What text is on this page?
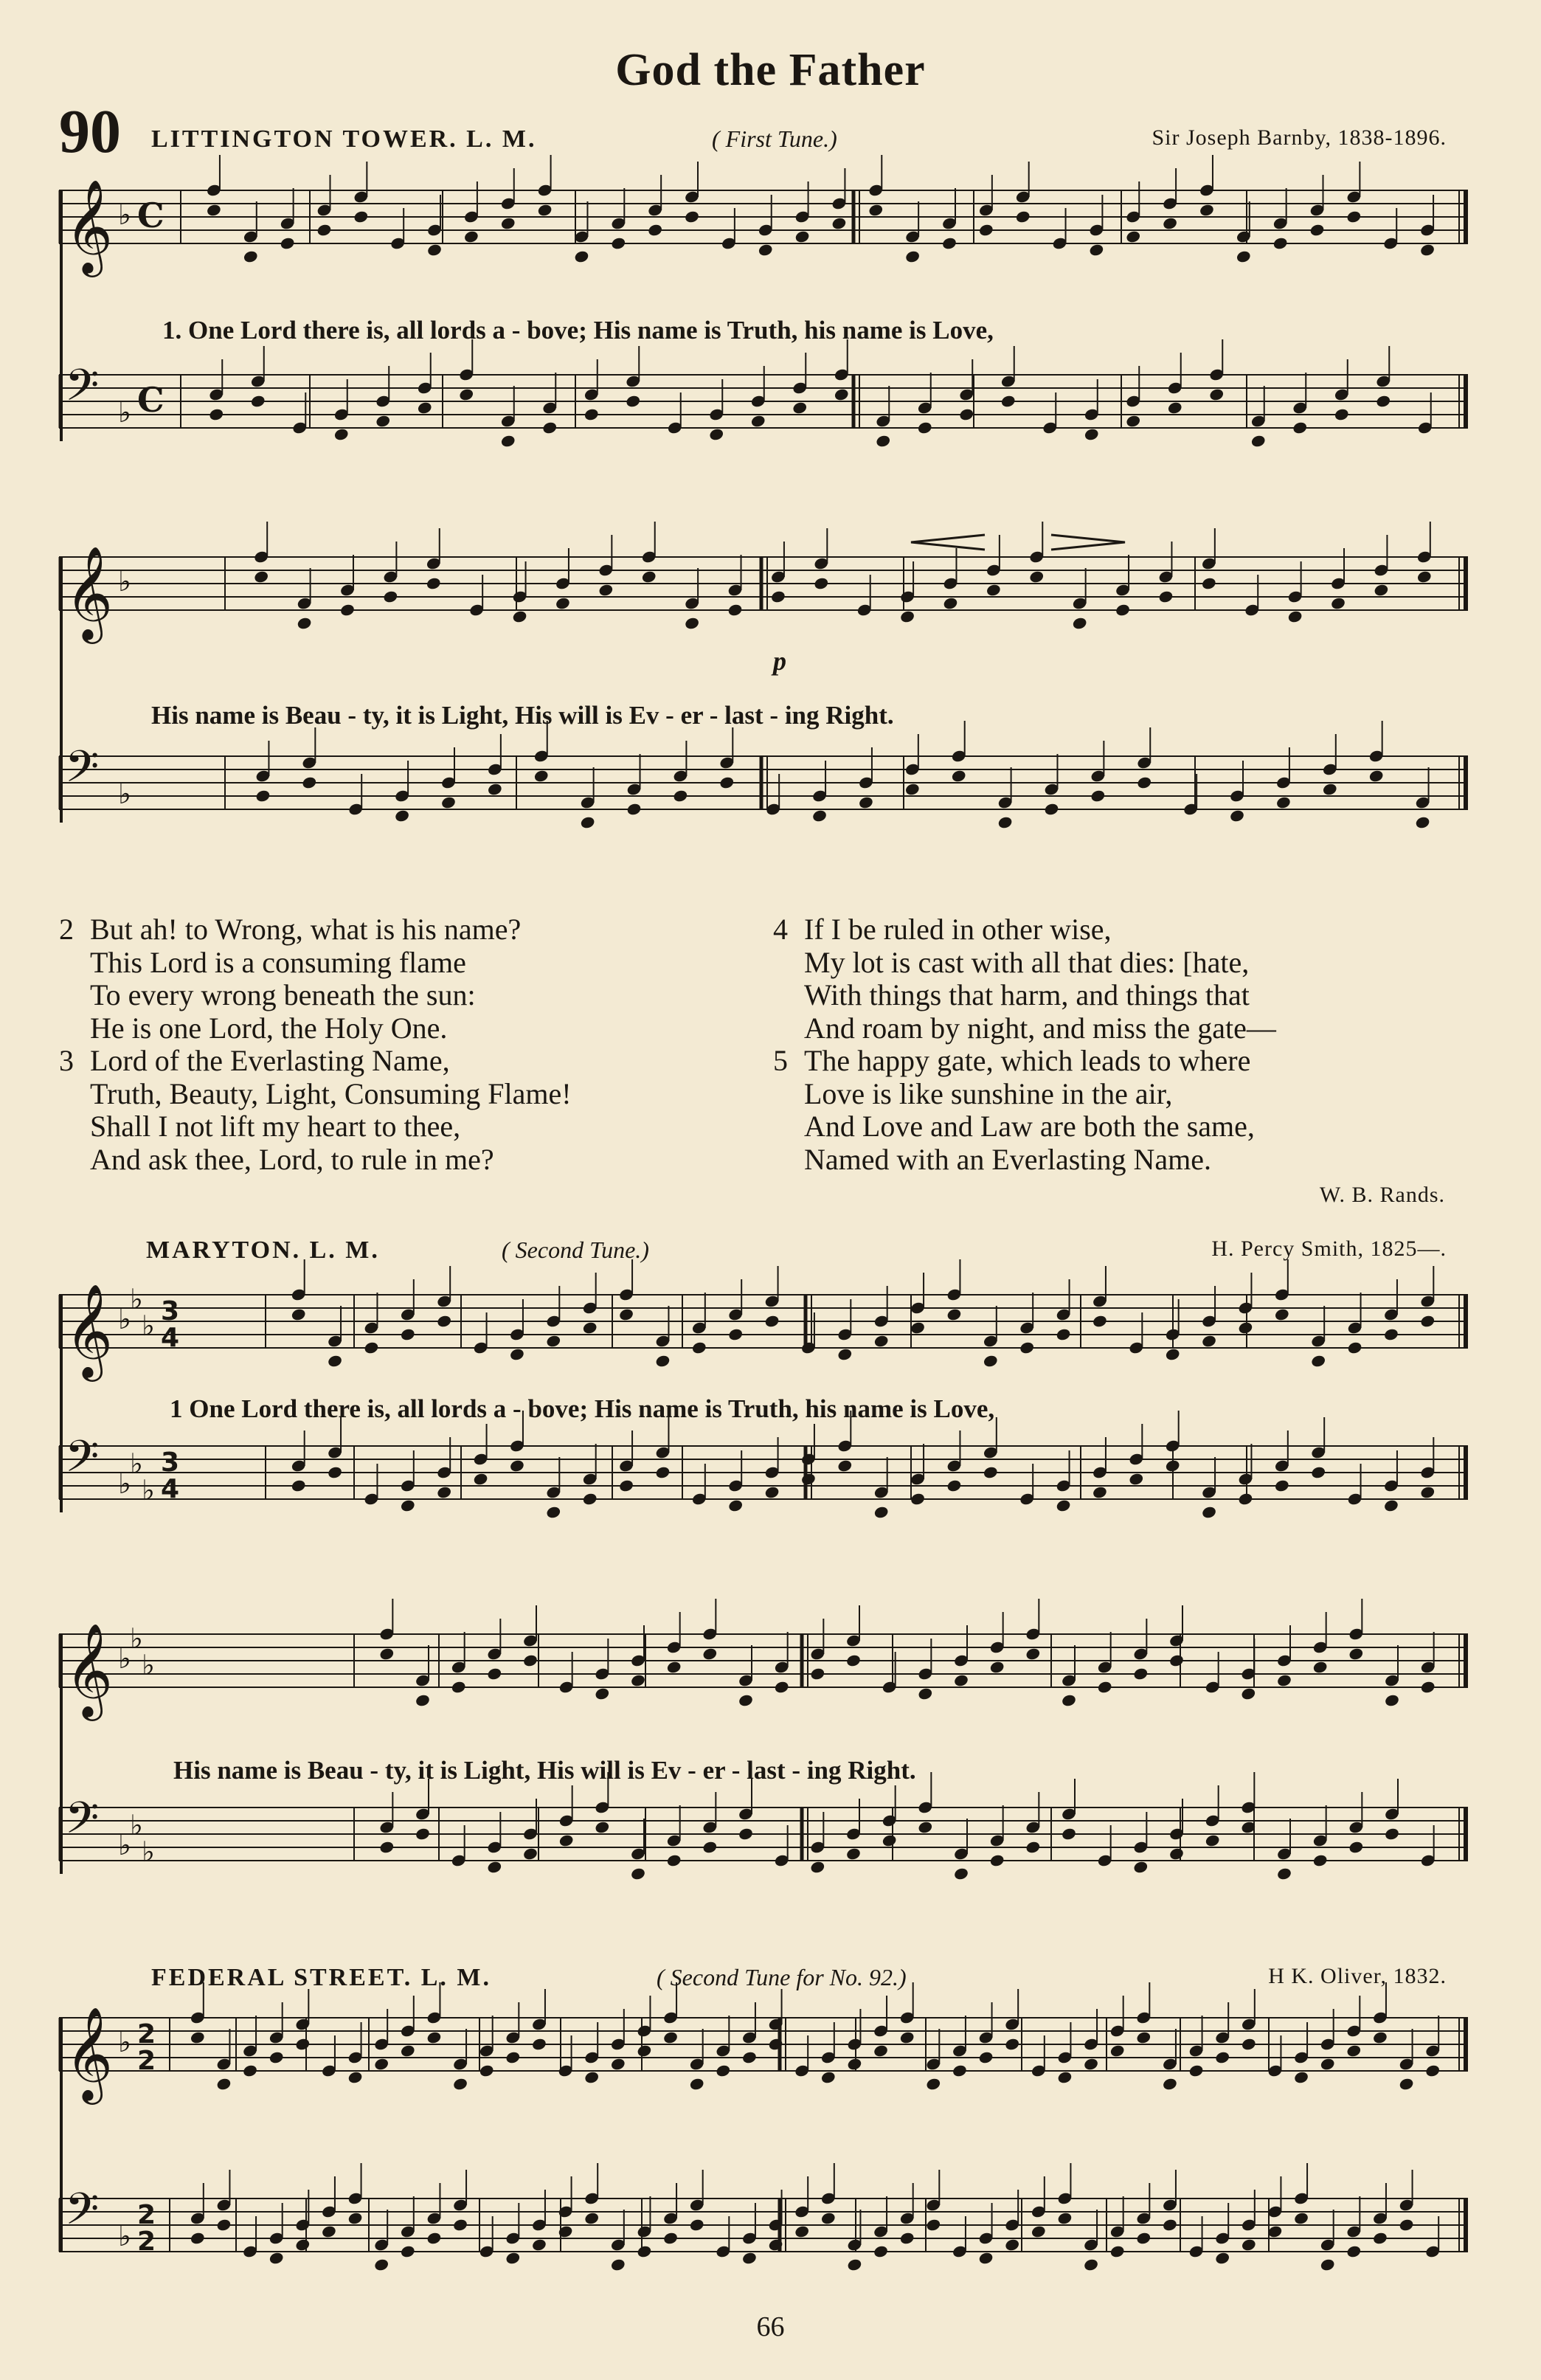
God the Father
90 LITTINGTON TOWER. L. M.	( First Tune.)	Sir Joseph Barnby, 1838-1896.
𝄞 ♭ C
1. One Lord there is, all lords a - bove; His name is Truth, his name is Love,
𝄢 ♭ C
𝄞 ♭
p
His name is Beau - ty, it is Light, His will is Ev - er - last - ing Right.
𝄢 ♭
2 But ah! to Wrong, what is his name?
This Lord is a consuming flame
To every wrong beneath the sun:
He is one Lord, the Holy One.
3 Lord of the Everlasting Name,
Truth, Beauty, Light, Consuming Flame!
Shall I not lift my heart to thee,
And ask thee, Lord, to rule in me?
4 If I be ruled in other wise,
My lot is cast with all that dies: [hate,
With things that harm, and things that
And roam by night, and miss the gate—
5 The happy gate, which leads to where
Love is like sunshine in the air,
And Love and Law are both the same,
Named with an Everlasting Name.
W. B. Rands.
MARYTON. L. M.	( Second Tune.)	H. Percy Smith, 1825—.
𝄞 ♭
♭
♭ 3
4
1 One Lord there is, all lords a - bove; His name is Truth, his name is Love,
𝄢 ♭
♭
♭
3
4
𝄞 ♭
♭
♭
His name is Beau - ty, it is Light, His will is Ev - er - last - ing Right.
𝄢 ♭
♭
♭
FEDERAL STREET. L. M.	( Second Tune for No. 92.)	H K. Oliver, 1832.
𝄞 ♭ 2
2
𝄢 ♭
2
2
66
